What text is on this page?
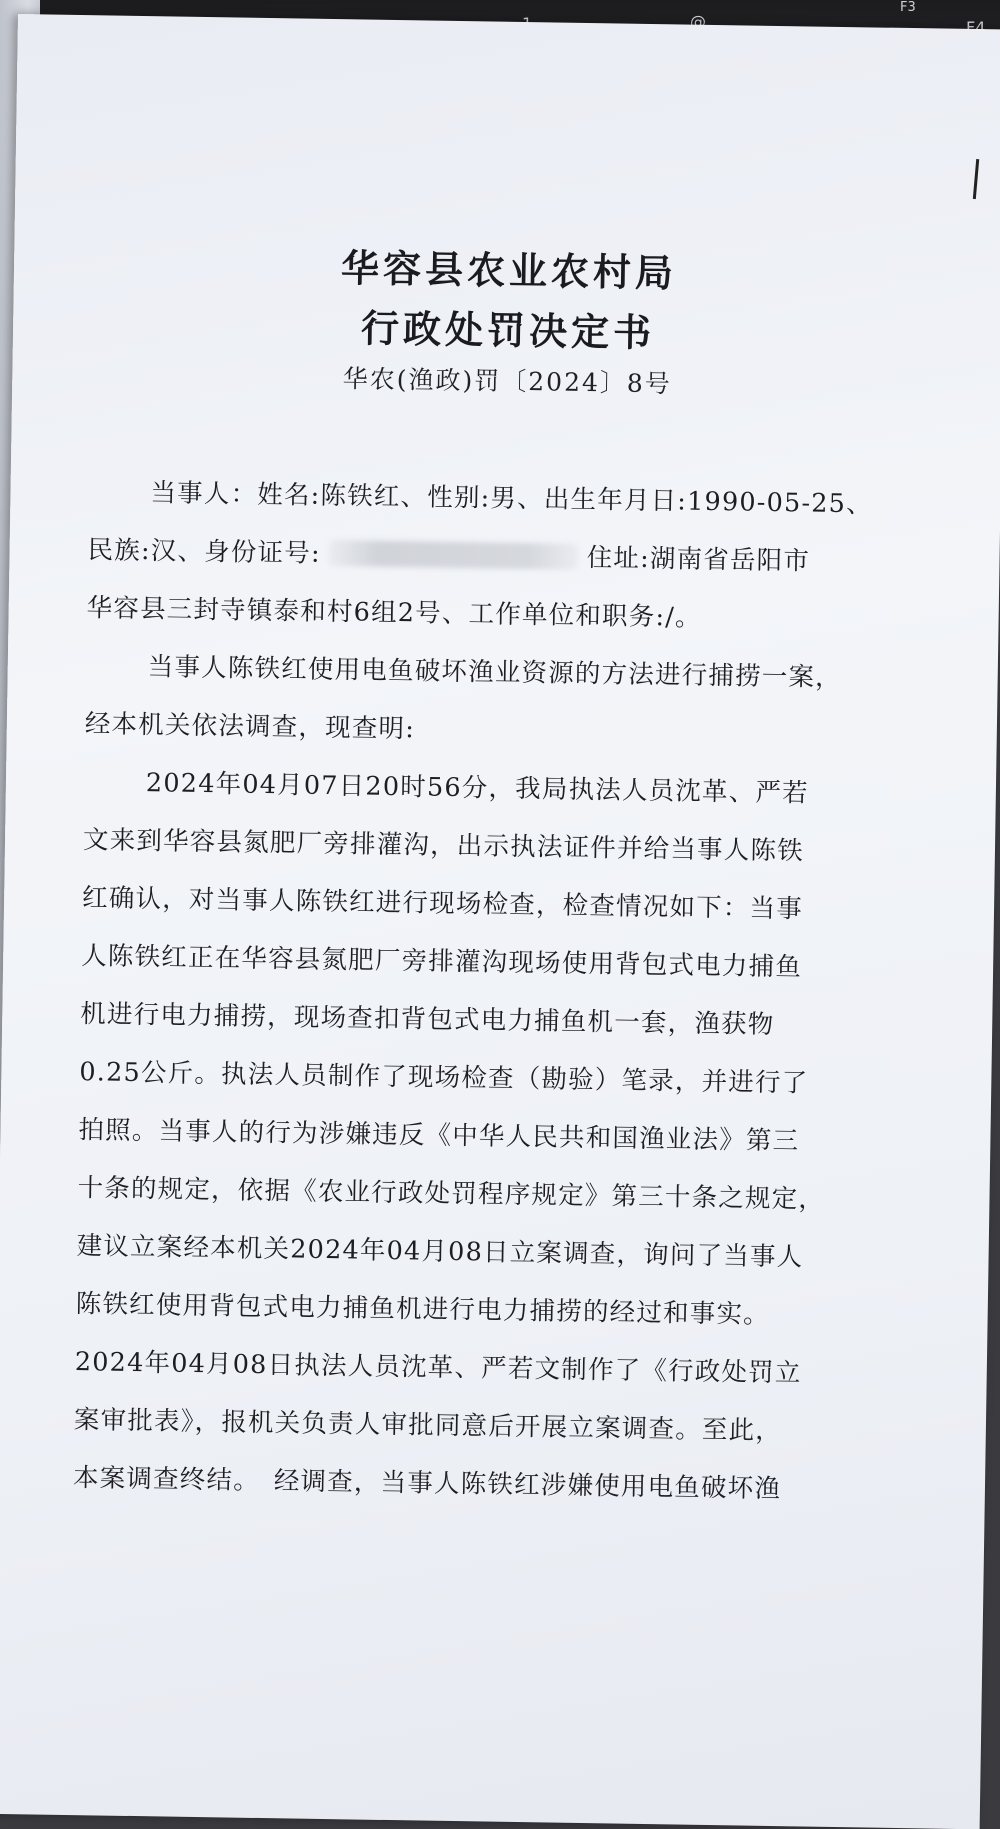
@
F3
F4
华容县农业农村局
行政处罚决定书
华农(渔政)罚〔2024〕8号
当事人：姓名:陈铁红、性别:男、出生年月日:1990-05-25、
民族:汉、身份证号:	住址:湖南省岳阳市
华容县三封寺镇泰和村6组2号、工作单位和职务:/。
当事人陈铁红使用电鱼破坏渔业资源的方法进行捕捞一案，
经本机关依法调查，现查明:
2024年04月07日20时56分，我局执法人员沈革、严若
文来到华容县氮肥厂旁排灌沟，出示执法证件并给当事人陈铁
红确认，对当事人陈铁红进行现场检查，检查情况如下：当事
人陈铁红正在华容县氮肥厂旁排灌沟现场使用背包式电力捕鱼
机进行电力捕捞，现场查扣背包式电力捕鱼机一套，渔获物
0.25公斤。执法人员制作了现场检查（勘验）笔录，并进行了
拍照。当事人的行为涉嫌违反《中华人民共和国渔业法》第三
十条的规定，依据《农业行政处罚程序规定》第三十条之规定，
建议立案经本机关2024年04月08日立案调查，询问了当事人
陈铁红使用背包式电力捕鱼机进行电力捕捞的经过和事实。
2024年04月08日执法人员沈革、严若文制作了《行政处罚立
案审批表》，报机关负责人审批同意后开展立案调查。至此，
本案调查终结。　经调查，当事人陈铁红涉嫌使用电鱼破坏渔
